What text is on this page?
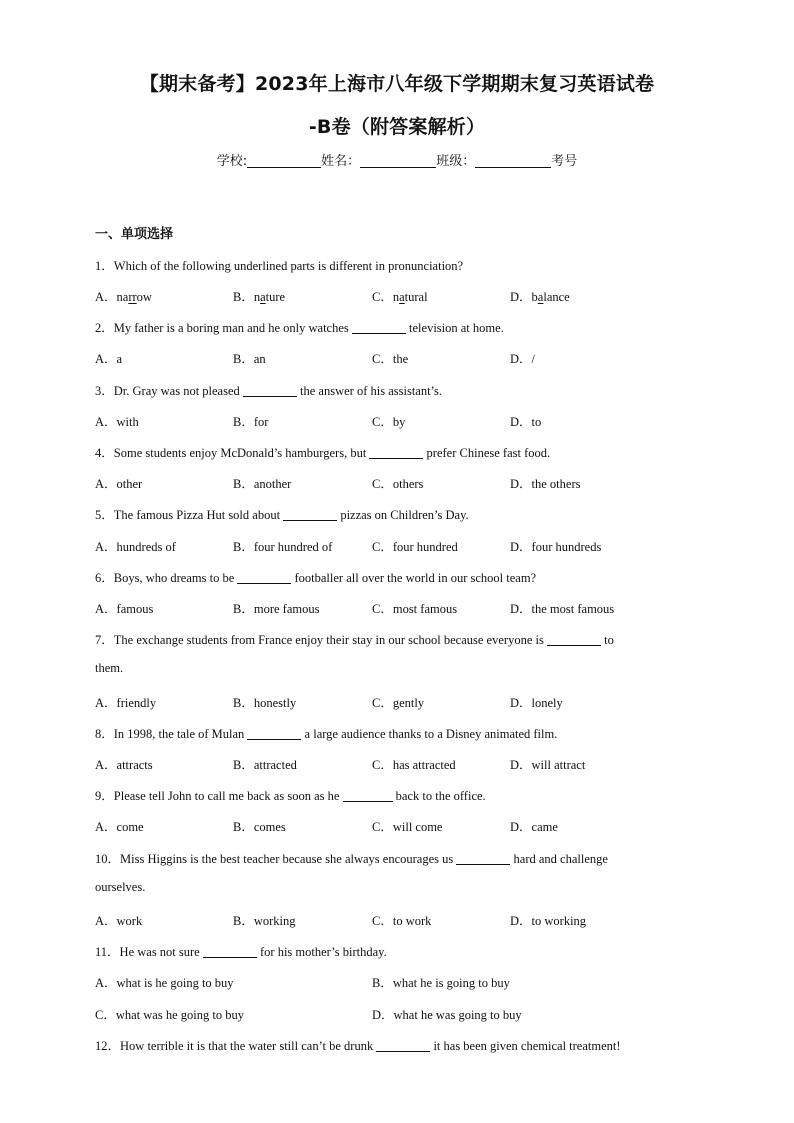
【期末备考】2023年上海市八年级下学期期末复习英语试卷
-B卷（附答案解析）
学校:	姓名：	班级：	考号
一、单项选择
1．Which of the following underlined parts is different in pronunciation?
A．narrow	B．nature	C．natural	D．balance
2．My father is a boring man and he only watches	television at home.
A．a	B．an	C．the	D．/
3．Dr. Gray was not pleased	the answer of his assistant’s.
A．with	B．for	C．by	D．to
4．Some students enjoy McDonald’s hamburgers, but	prefer Chinese fast food.
A．other	B．another	C．others	D．the others
5．The famous Pizza Hut sold about	pizzas on Children’s Day.
A．hundreds of	B．four hundred of	C．four hundred	D．four hundreds
6．Boys, who dreams to be	footballer all over the world in our school team?
A．famous	B．more famous	C．most famous	D．the most famous
7．The exchange students from France enjoy their stay in our school because everyone is	to
them.
A．friendly	B．honestly	C．gently	D．lonely
8．In 1998, the tale of Mulan	a large audience thanks to a Disney animated film.
A．attracts	B．attracted	C．has attracted	D．will attract
9．Please tell John to call me back as soon as he	back to the office.
A．come	B．comes	C．will come	D．came
10．Miss Higgins is the best teacher because she always encourages us	hard and challenge
ourselves.
A．work	B．working	C．to work	D．to working
11．He was not sure	for his mother’s birthday.
A．what is he going to buy	B．what he is going to buy
C．what was he going to buy	D．what he was going to buy
12．How terrible it is that the water still can’t be drunk	it has been given chemical treatment!
